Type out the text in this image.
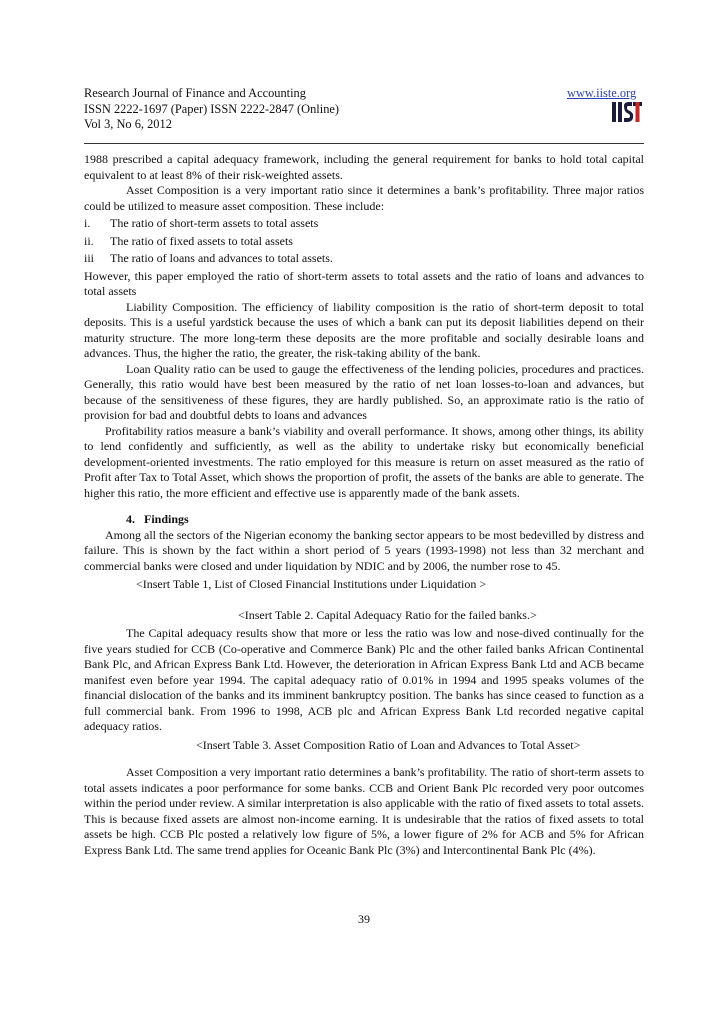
Research Journal of Finance and Accounting
ISSN 2222-1697 (Paper) ISSN 2222-2847 (Online)
Vol 3, No 6, 2012
www.iiste.org

1988 prescribed a capital adequacy framework, including the general requirement for banks to hold total capital equivalent to at least 8% of their risk-weighted assets.

Asset Composition is a very important ratio since it determines a bank’s profitability. Three major ratios could be utilized to measure asset composition. These include:

i. The ratio of short-term assets to total assets
ii. The ratio of fixed assets to total assets
iii The ratio of loans and advances to total assets.

However, this paper employed the ratio of short-term assets to total assets and the ratio of loans and advances to total assets

Liability Composition. The efficiency of liability composition is the ratio of short-term deposit to total deposits. This is a useful yardstick because the uses of which a bank can put its deposit liabilities depend on their maturity structure. The more long-term these deposits are the more profitable and socially desirable loans and advances. Thus, the higher the ratio, the greater, the risk-taking ability of the bank.

Loan Quality ratio can be used to gauge the effectiveness of the lending policies, procedures and practices. Generally, this ratio would have best been measured by the ratio of net loan losses-to-loan and advances, but because of the sensitiveness of these figures, they are hardly published. So, an approximate ratio is the ratio of provision for bad and doubtful debts to loans and advances

Profitability ratios measure a bank’s viability and overall performance. It shows, among other things, its ability to lend confidently and sufficiently, as well as the ability to undertake risky but economically beneficial development-oriented investments. The ratio employed for this measure is return on asset measured as the ratio of Profit after Tax to Total Asset, which shows the proportion of profit, the assets of the banks are able to generate. The higher this ratio, the more efficient and effective use is apparently made of the bank assets.

4.   Findings

Among all the sectors of the Nigerian economy the banking sector appears to be most bedevilled by distress and failure. This is shown by the fact within a short period of 5 years (1993-1998) not less than 32 merchant and commercial banks were closed and under liquidation by NDIC and by 2006, the number rose to 45.

<Insert Table 1, List of Closed Financial Institutions under Liquidation >
<Insert Table 2. Capital Adequacy Ratio for the failed banks.>

The Capital adequacy results show that more or less the ratio was low and nose-dived continually for the five years studied for CCB (Co-operative and Commerce Bank) Plc and the other failed banks African Continental Bank Plc, and African Express Bank Ltd. However, the deterioration in African Express Bank Ltd and ACB became manifest even before year 1994. The capital adequacy ratio of 0.01% in 1994 and 1995 speaks volumes of the financial dislocation of the banks and its imminent bankruptcy position. The banks has since ceased to function as a full commercial bank. From 1996 to 1998, ACB plc and African Express Bank Ltd recorded negative capital adequacy ratios.

<Insert Table 3. Asset Composition Ratio of Loan and Advances to Total Asset>

Asset Composition a very important ratio determines a bank’s profitability. The ratio of short-term assets to total assets indicates a poor performance for some banks. CCB and Orient Bank Plc recorded very poor outcomes within the period under review. A similar interpretation is also applicable with the ratio of fixed assets to total assets. This is because fixed assets are almost non-income earning. It is undesirable that the ratios of fixed assets to total assets be high. CCB Plc posted a relatively low figure of 5%, a lower figure of 2% for ACB and 5% for African Express Bank Ltd. The same trend applies for Oceanic Bank Plc (3%) and Intercontinental Bank Plc (4%).

39
